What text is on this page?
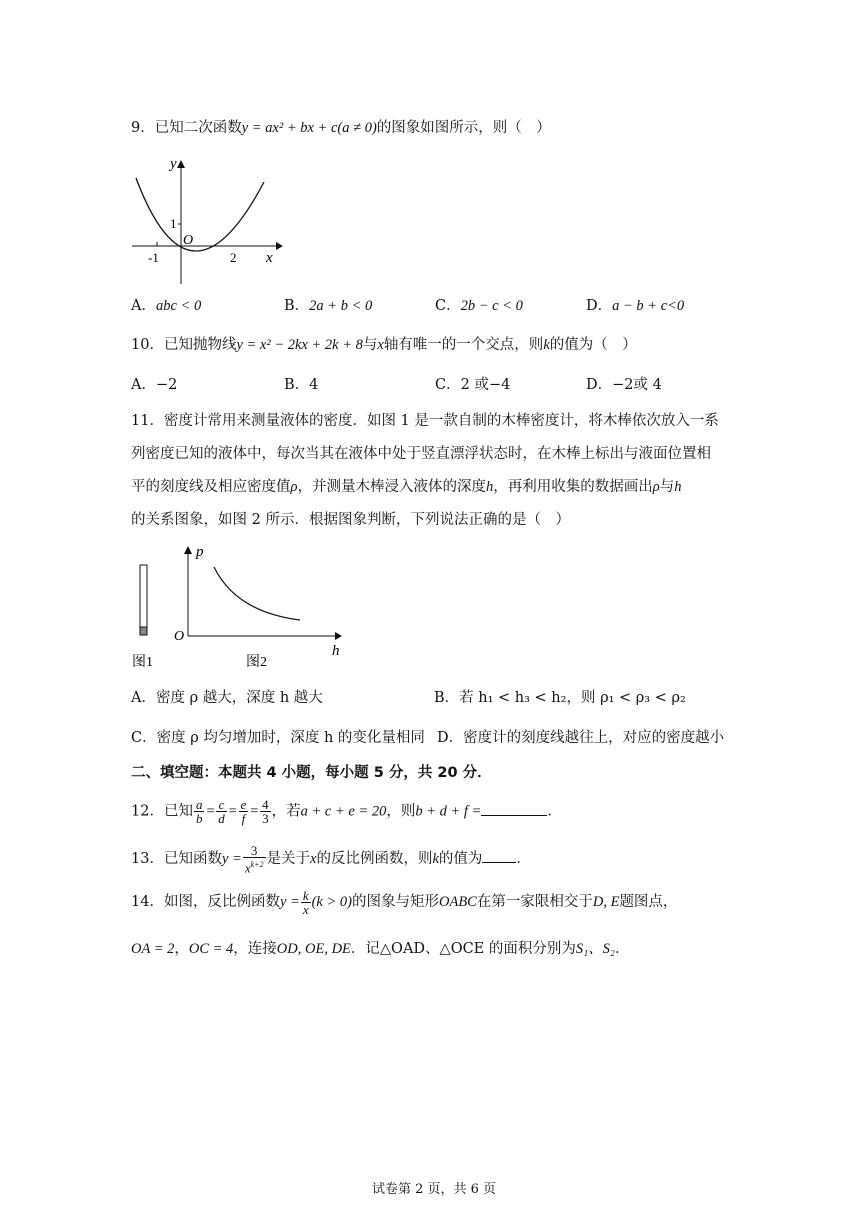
9．已知二次函数y = ax² + bx + c(a ≠ 0)的图象如图所示，则（　）
y
x
O
1
-1	2
A．abc < 0	B．2a + b < 0	C．2b − c < 0	D．a − b + c<0
10．已知抛物线y = x² − 2kx + 2k + 8与x轴有唯一的一个交点，则k的值为（　）
A．−2	B．4	C．2 或−4	D．−2或 4
11．密度计常用来测量液体的密度．如图 1 是一款自制的木棒密度计，将木棒依次放入一系
列密度已知的液体中，每次当其在液体中处于竖直漂浮状态时，在木棒上标出与液面位置相
平的刻度线及相应密度值ρ，并测量木棒浸入液体的深度h，再利用收集的数据画出ρ与h
的关系图象，如图 2 所示．根据图象判断，下列说法正确的是（　）
p
h
O
图1	图2
A．密度 ρ 越大，深度 h 越大	B．若 h₁ < h₃ < h₂，则 ρ₁ < ρ₃ < ρ₂
C．密度 ρ 均匀增加时，深度 h 的变化量相同 D．密度计的刻度线越往上，对应的密度越小
二、填空题：本题共 4 小题，每小题 5 分，共 20 分．
12．已知 $\frac{a}{b} = \frac{c}{d} = \frac{e}{f} = \frac{4}{3}$ ，若a + c + e = 20，则b + d + f =	．
13．已知函数$y = \frac{3}{x^{k+2}}$ 是关于x的反比例函数，则k的值为 ．
14．如图，反比例函数$y = \frac{k}{x} (k > 0)$的图象与矩形OABC在第一家限相交于D, E题图点，
OA = 2，OC = 4，连接OD, OE, DE．记△OAD、△OCE 的面积分别为S₁、S₂．
试卷第 2 页，共 6 页
